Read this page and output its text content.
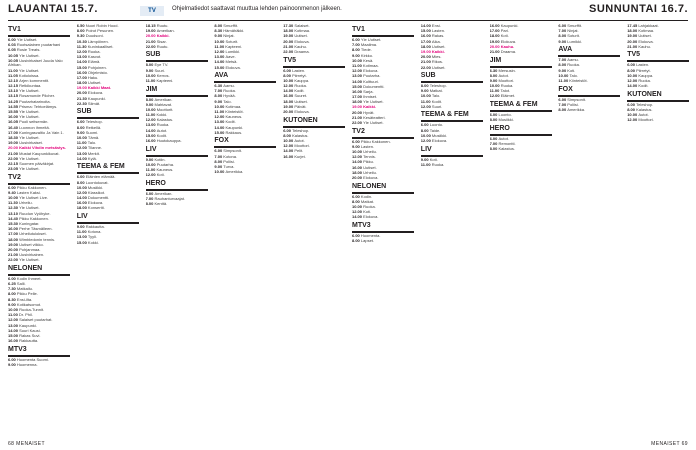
LAUANTAI 15.7.	TV	Ohjelmatiedot saattavat muuttua lehden painoonmenon jälkeen.	SUNNUNTAI 16.7.
TV1
6.00 Yle Uutiset.
6.03 Ruotsalainen puutarhani
6.05 Rosie Treats.
10.05 Yle Uutiset.
10.05 Uusivirkaiset Juuda Valo Afrikan.
11.00 Yle Uutiset.
11.05 Kotioloissa.
12.10 Arjen kommentit.
12.15 Retkikuntaa.
13.10 Yle Uutiset.
13.15 Rosamunde Pilcher.
14.25 Puutarhatarinoita.
14.55 Prisma: Tehtoelämys.
15.55 Yle Uutiset.
16.00 Yle Uutiset.
16.05 Puoli seitsemän.
16.40 Luonnon ihmeitä.
17.00 Kuningasvaltio Ja Vain 1.
18.30 Yle Uutiset.
19.00 Uusivirkaiset.
20.00 Kaikki Vihdin metsästys.
21.00 Mustat Kaupunkikuvat.
22.00 Yle Uutiset.
22.15 Suomen päiväkirjat.
23.05 Yle Uutiset.
TV2
6.00 Pikku Kakkonen.
9.40 Lasten Kaksi.
10.00 Yle Uutiset Live.
11.30 Urheilu.
12.30 Yle Uutiset.
13.10 Ruudun Vyöhyke.
14.40 Pikku Kakkonen.
15.30 Kuningatar.
16.00 Perhe Täsmälleen.
17.00 Urheilutulokset.
18.00 Wimbledonin tennis.
19.00 Uutiset viikko.
20.00 Pohjanmaa.
21.00 Uusivirkainen.
22.00 Yle Uutiset.
NELONEN
6.00 Kodin Ihmeet.
6.25 Salli.
7.30 Matkailu.
8.00 Pikku Pelle.
8.30 Ensi-ilta.
9.00 Kotikatsomot.
10.00 Ruoka-Tunnit.
11.00 Dr. Phil.
12.00 Salaiset puutarhat.
13.00 Kaupunki.
14.00 Suuri Kausi.
15.00 Rakas Suvi.
16.00 Rakkautta.
MTV3
6.00 Huomenta Suomi.
9.00 Huomenna.
6.50 Nuori Robin Hood.
8.00 Poirot Pesunen.
9.30 Duudsoni.
10.30 Lämpöinen.
11.30 Kuninkaalliset.
12.00 Ruoka.
13.00 Kasvot.
14.00 Elämä.
15.00 Pohjoinen.
16.00 Ohjelmisto.
17.00 Haku.
18.00 Uutiset.
19.00 Kaikki Maat.
20.00 Elokuva.
21.30 Kaupunki.
22.30 Silmät.
SUB
6.00 Teleshop.
8.00 Retkellä.
9.00 Suomi.
10.00 Tämä.
11.00 Talo.
12.00 Tilanne.
13.00 Merkit.
14.00 Kylä.
TEEMA & FEM
6.00 Eläinten elämää.
8.00 Luontokuvat.
10.00 Musiikki.
12.00 Klassikot.
14.00 Dokumentti.
16.00 Elokuva.
18.00 Konsertti.
LIV
9.00 Rakkautta.
11.00 Kotona.
13.00 Tyyli.
15.00 Kokki.
18.15 Ruutu.
19.00 Amerikan.
20.00 Kaikki.
21.00 Sisar.
22.00 Ruutu.
SUB
8.00 Eye TV.
9.00 Suuri.
10.00 Kerros.
11.00 Kapteeni.
JIM
8.00 Amerikan.
9.00 Mahtavat.
10.00 Moottorit.
11.00 Kokki.
12.00 Kalastus.
13.00 Ruoka.
14.00 Autot.
15.00 Kodit.
16.00 Huutokauppa.
LIV
9.00 Kotiin.
10.00 Puutarha.
11.00 Kauneus.
12.00 Koti.
HERO
6.00 Amerikan.
7.00 Rauhanturvaajat.
8.00 Kenttä.
8.00 Smurffit.
8.30 Hämähäkki.
9.00 Ninjat.
10.00 Soturit.
11.00 Kapteeni.
12.00 Lumikki.
13.00 Aave.
14.00 Metsä.
15.00 Elokuva.
AVA
6.30 Aamu.
7.00 Ruoka.
8.00 Hyvää.
9.00 Talo.
10.00 Kotimaa.
11.00 Kiinteistöt.
12.00 Kauneus.
13.00 Kodit.
14.00 Kaupunki.
15.00 Rakkaus.
FOX
6.00 Simpsonit.
7.00 Kotona.
8.00 Poliisi.
9.00 Turva.
10.00 Amerikka.
17.30 Salaiset.
18.00 Kotimaa.
19.00 Uutiset.
20.00 Elokuva.
21.00 Kauhu.
22.00 Draama.
TV5
6.00 Lasten.
8.00 Piirretyt.
10.00 Kauppa.
12.00 Ruoka.
14.00 Kodit.
16.00 Suuret.
18.00 Uutiset.
19.00 Päivät.
20.00 Elokuva.
KUTONEN
6.00 Teleshop.
8.00 Kalastus.
10.00 Autot.
12.00 Moottori.
14.00 Pelit.
16.00 Kurjet.
TV1
6.00 Yle Uutiset.
7.00 Maailma.
8.00 Tiede.
9.00 Kirkko.
10.00 Kesä.
11.00 Kotimaa.
12.00 Elokuva.
13.00 Puutarha.
14.00 Kulttuuri.
15.00 Dokumentti.
16.00 Sarja.
17.00 Ihmiset.
18.00 Yle Uutiset.
19.00 Kaikki.
20.00 Hyvät.
21.00 Kesäteatteri.
22.00 Yle Uutiset.
TV2
6.00 Pikku Kakkonen.
9.00 Lasten.
10.00 Urheilu.
12.00 Tennis.
14.00 Pikku.
16.00 Uutiset.
18.00 Urheilu.
20.00 Elokuva.
NELONEN
6.00 Kodin.
8.00 Matkat.
10.00 Ruoka.
12.00 Koti.
14.00 Elokuva.
MTV3
6.00 Huomenta.
8.00 Lapset.
14.00 Ensi.
15.00 Lasten.
16.00 Rakas.
17.00 Aika.
18.00 Uutiset.
19.00 Kaikki.
20.00 Mies.
21.00 Rikos.
22.00 Uutiset.
SUB
8.00 Teleshop.
9.00 Matkat.
10.00 Talo.
11.00 Kodit.
12.00 Suuri.
TEEMA & FEM
6.00 Luonto.
8.00 Taide.
10.00 Musiikki.
12.00 Elokuva.
LIV
9.00 Koti.
11.00 Ruoka.
16.00 Kaupunki.
17.00 Pari.
18.00 Koti.
19.00 Elokuva.
20.00 Kauhu.
21.00 Draama.
JIM
6.30 Mersusin.
8.00 Autot.
9.00 Moottori.
10.00 Ruoka.
11.00 Talot.
12.00 Eläimet.
TEEMA & FEM
6.00 Luonto.
8.00 Musiikki.
HERO
6.00 Autot.
7.00 Remontti.
8.00 Kalastus.
6.00 Smurffit.
7.00 Ninjat.
8.00 Soturit.
9.00 Lumikki.
AVA
7.00 Aamu.
8.00 Ruoka.
9.00 Koti.
10.00 Talo.
11.00 Kiinteistöt.
FOX
6.00 Simpsonit.
7.00 Poliisi.
8.00 Amerikka.
17.45 Lahjakkaat.
18.00 Kotimaa.
19.00 Uutiset.
20.00 Elokuva.
21.00 Kauhu.
TV5
6.00 Lasten.
8.00 Piirretyt.
10.00 Kauppa.
12.00 Ruoka.
14.00 Kodit.
KUTONEN
6.00 Teleshop.
8.00 Kalastus.
10.00 Autot.
12.00 Moottori.
68 MENAISET	MENAISET 69
